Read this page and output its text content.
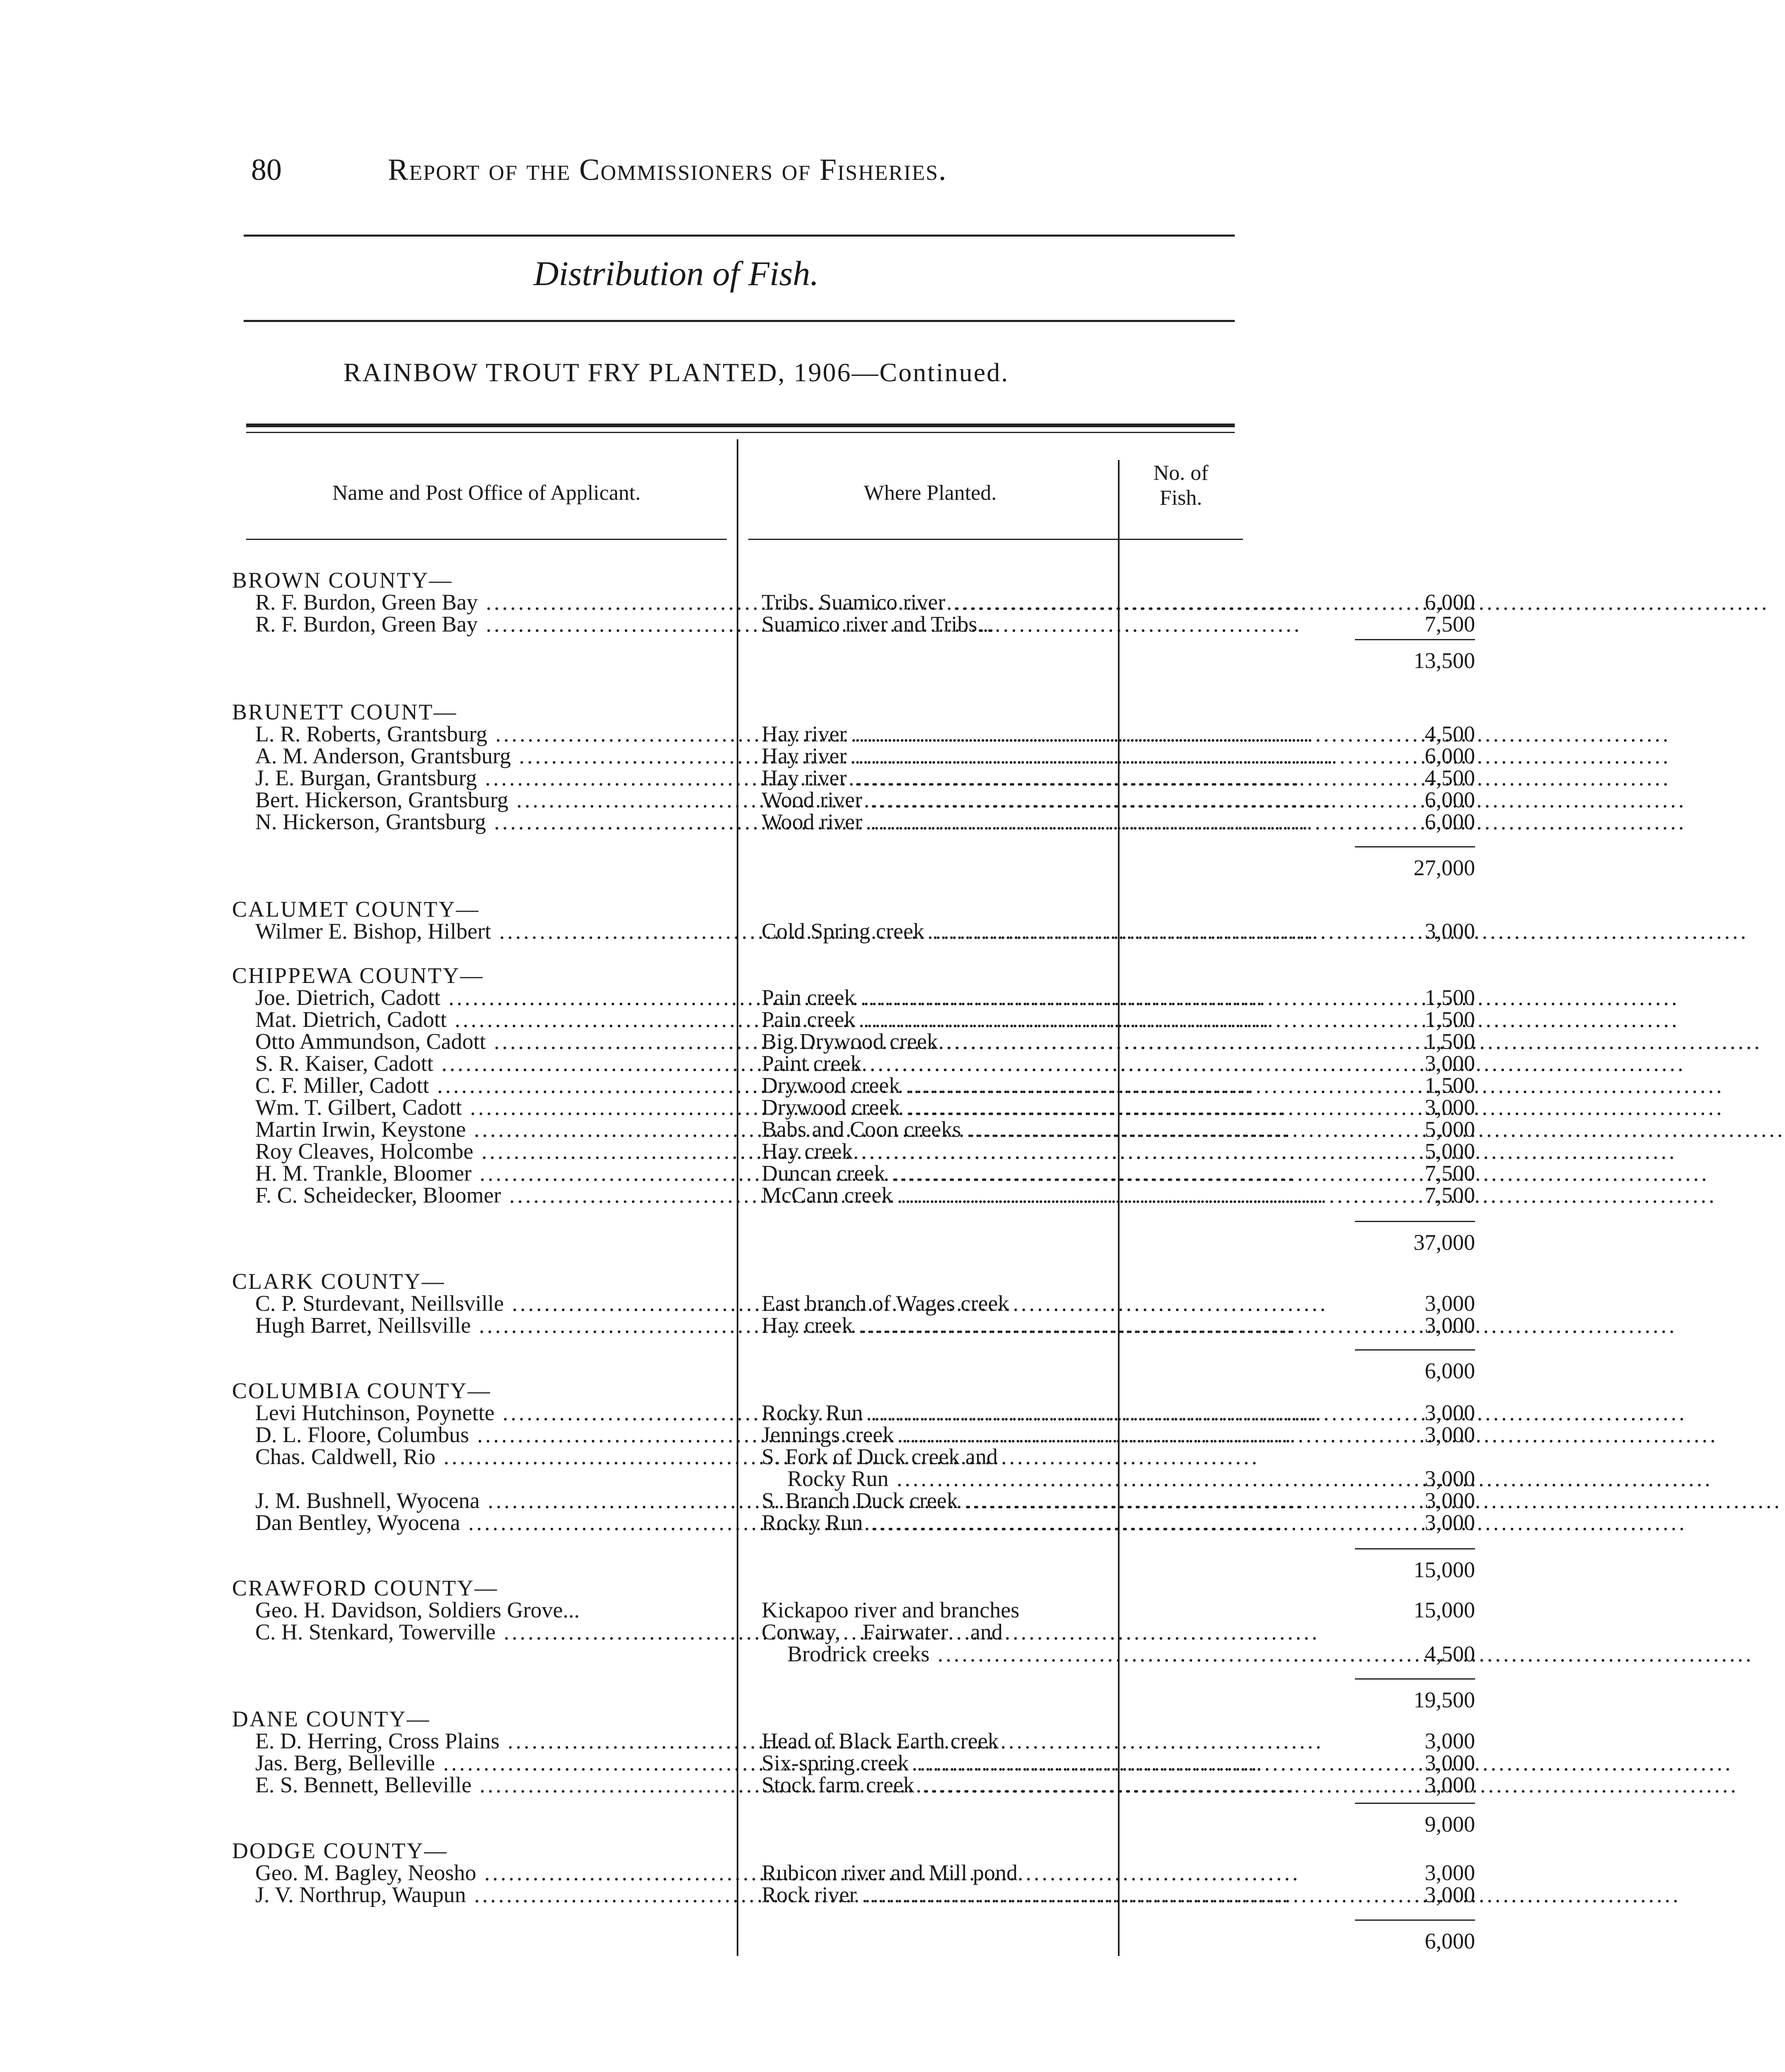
80	Report of the Commissioners of Fisheries.
Distribution of Fish.
RAINBOW TROUT FRY PLANTED, 1906—Continued.
Name and Post Office of Applicant.	Where Planted.
No. of
Fish.
BROWN COUNTY—
R. F. Burdon, Green Bay .....	Tribs. Suamico river .....	6,000
R. F. Burdon, Green Bay .....	Suamico river and Tribs...	7,500
13,500
BRUNETT COUNT—
L. R. Roberts, Grantsburg .....	Hay river .....	4,500
A. M. Anderson, Grantsburg .....	Hay river .....	6,000
J. E. Burgan, Grantsburg .....	Hay river .....	4,500
Bert. Hickerson, Grantsburg .....	Wood river .....	6,000
N. Hickerson, Grantsburg .....	Wood river .....	6,000
27,000
CALUMET COUNTY—
Wilmer E. Bishop, Hilbert .....	Cold Spring creek .....	3,000
CHIPPEWA COUNTY—
Joe. Dietrich, Cadott .....	Pain creek .....	1,500
Mat. Dietrich, Cadott .....	Pain creek .....	1,500
Otto Ammundson, Cadott .....	Big Drywood creek .....	1,500
S. R. Kaiser, Cadott .....	Paint creek .....	3,000
C. F. Miller, Cadott .....	Drywood creek .....	1,500
Wm. T. Gilbert, Cadott .....	Drywood creek .....	3,000
Martin Irwin, Keystone .....	Babs and Coon creeks .....	5,000
Roy Cleaves, Holcombe .....	Hay creek .....	5,000
H. M. Trankle, Bloomer .....	Duncan creek .....	7,500
F. C. Scheidecker, Bloomer .....	McCann creek .....	7,500
37,000
CLARK COUNTY—
C. P. Sturdevant, Neillsville .....	East branch of Wages creek	3,000
Hugh Barret, Neillsville .....	Hay creek .....	3,000
6,000
COLUMBIA COUNTY—
Levi Hutchinson, Poynette .....	Rocky Run .....	3,000
D. L. Floore, Columbus .....	Jennings creek .....	3,000
Chas. Caldwell, Rio .....	S. Fork of Duck creek and
Rocky Run .....	3,000
J. M. Bushnell, Wyocena .....	S. Branch Duck creek .....	3,000
Dan Bentley, Wyocena .....	Rocky Run .....	3,000
15,000
CRAWFORD COUNTY—
Geo. H. Davidson, Soldiers Grove...	Kickapoo river and branches	15,000
C. H. Stenkard, Towerville .....	Conway, Fairwater and
Brodrick creeks .....	4,500
19,500
DANE COUNTY—
E. D. Herring, Cross Plains .....	Head of Black Earth creek	3,000
Jas. Berg, Belleville .....	Six-spring creek .....	3,000
E. S. Bennett, Belleville .....	Stock farm creek .....	3,000
9,000
DODGE COUNTY—
Geo. M. Bagley, Neosho .....	Rubicon river and Mill pond	3,000
J. V. Northrup, Waupun .....	Rock river .....	3,000
6,000
